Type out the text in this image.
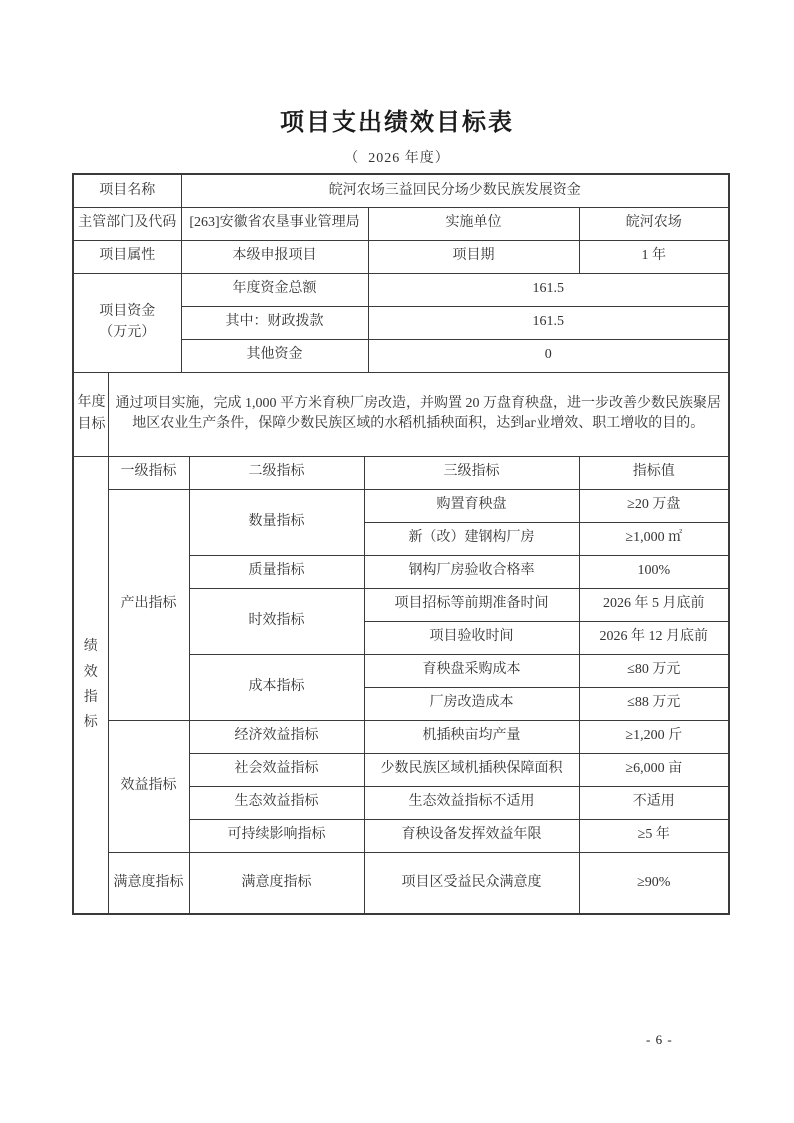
项目支出绩效目标表
（  2026 年度）
项目名称		皖河农场三益回民分场少数民族发展资金				
主管部门及代码		[263]安徽省农垦事业管理局			实施单位	皖河农场
项目属性		本级申报项目			项目期	1 年

项目资金
（万元）		年度资金总额			161.5	
		其中：财政拨款			161.5	
		其他资金			0	
年度目标	通过项目实施，完成 1,000 平方米育秧厂房改造，并购置 20 万盘育秧盘，进一步改善少数民族聚居地区农业生产条件，保障少数民族区域的水稻机插秧面积，达到аг业增效、职工增收的目的。					
绩效指标	一级指标		二级指标	三级指标		指标值
	产出指标		数量指标	购置育秧盘		≥20 万盘
				新（改）建钢构厂房		≥1,000 ㎡
			质量指标	钢构厂房验收合格率		100%
			时效指标	项目招标等前期准备时间		2026 年 5 月底前
				项目验收时间		2026 年 12 月底前
			成本指标	育秧盘采购成本		≤80 万元
				厂房改造成本		≤88 万元
	效益指标		经济效益指标	机插秧亩均产量		≥1,200 斤
			社会效益指标	少数民族区域机插秧保障面积		≥6,000 亩
			生态效益指标	生态效益指标不适用		不适用
			可持续影响指标	育秧设备发挥效益年限		≥5 年
	满意度指标		满意度指标	项目区受益民众满意度		≥90%
- 6 -
